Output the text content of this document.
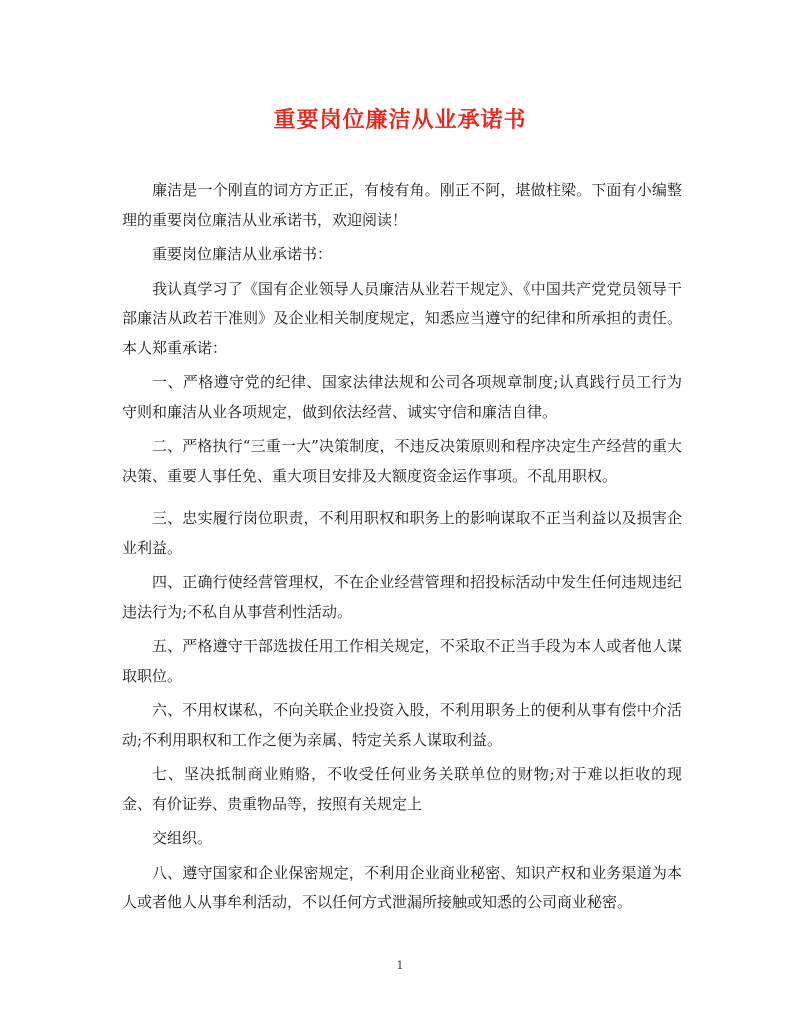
重要岗位廉洁从业承诺书

廉洁是一个刚直的词方方正正，有棱有角。刚正不阿，堪做柱梁。下面有小编整理的重要岗位廉洁从业承诺书，欢迎阅读！

重要岗位廉洁从业承诺书：

我认真学习了《国有企业领导人员廉洁从业若干规定》、《中国共产党党员领导干部廉洁从政若干准则》及企业相关制度规定，知悉应当遵守的纪律和所承担的责任。本人郑重承诺：

一、严格遵守党的纪律、国家法律法规和公司各项规章制度;认真践行员工行为守则和廉洁从业各项规定，做到依法经营、诚实守信和廉洁自律。

二、严格执行“三重一大”决策制度，不违反决策原则和程序决定生产经营的重大决策、重要人事任免、重大项目安排及大额度资金运作事项。不乱用职权。

三、忠实履行岗位职责，不利用职权和职务上的影响谋取不正当利益以及损害企业利益。

四、正确行使经营管理权，不在企业经营管理和招投标活动中发生任何违规违纪违法行为;不私自从事营利性活动。

五、严格遵守干部选拔任用工作相关规定，不采取不正当手段为本人或者他人谋取职位。

六、不用权谋私，不向关联企业投资入股，不利用职务上的便利从事有偿中介活动;不利用职权和工作之便为亲属、特定关系人谋取利益。

七、坚决抵制商业贿赂，不收受任何业务关联单位的财物;对于难以拒收的现金、有价证券、贵重物品等，按照有关规定上

交组织。

八、遵守国家和企业保密规定，不利用企业商业秘密、知识产权和业务渠道为本人或者他人从事牟利活动，不以任何方式泄漏所接触或知悉的公司商业秘密。

1
